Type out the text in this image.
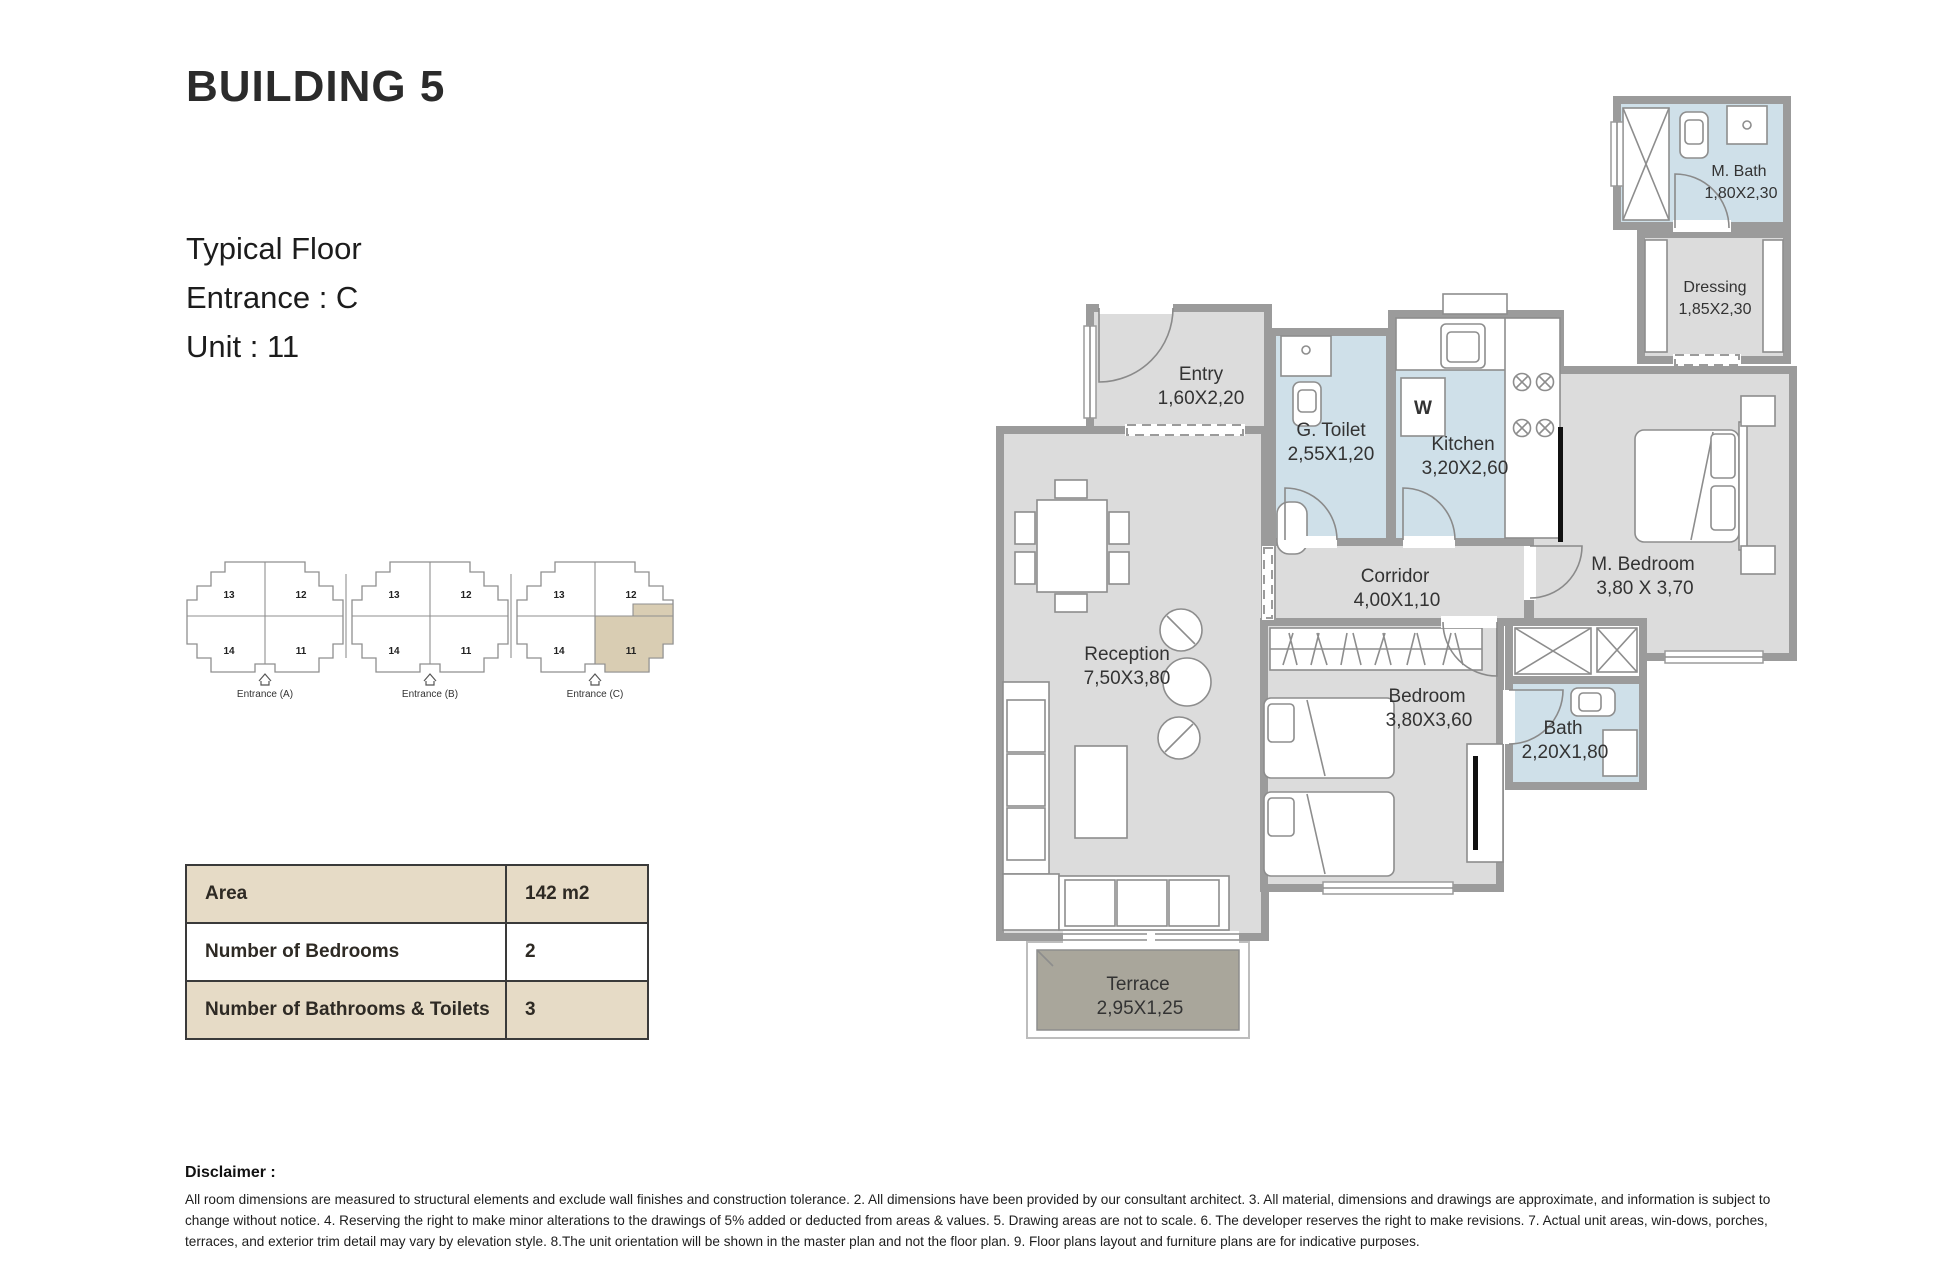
BUILDING 5
Typical Floor
Entrance : C
Unit : 11
13	12
14	11
Entrance (A)
13	12
14	11
Entrance (B)
13	12
14	11
Entrance (C)
Area	142 m2
Number of Bedrooms	2
Number of Bathrooms & Toilets	3
W
Reception
7,50X3,80
Entry
1,60X2,20
G. Toilet
2,55X1,20	Kitchen
3,20X2,60
Corridor
4,00X1,10
M. Bedroom
3,80 X 3,70
Bedroom
3,80X3,60	Bath
2,20X1,80
M. Bath
1,80X2,30
Dressing
1,85X2,30
Terrace
2,95X1,25
Disclaimer :
All room dimensions are measured to structural elements and exclude wall finishes and construction tolerance. 2. All dimensions have been provided by our consultant architect. 3. All material, dimensions and drawings are approximate, and information is subject to change without notice. 4. Reserving the right to make minor alterations to the drawings of 5% added or deducted from areas & values. 5. Drawing areas are not to scale. 6. The developer reserves the right to make revisions. 7. Actual unit areas, win-dows, porches, terraces, and exterior trim detail may vary by elevation style. 8.The unit orientation will be shown in the master plan and not the floor plan. 9. Floor plans layout and furniture plans are for indicative purposes.
